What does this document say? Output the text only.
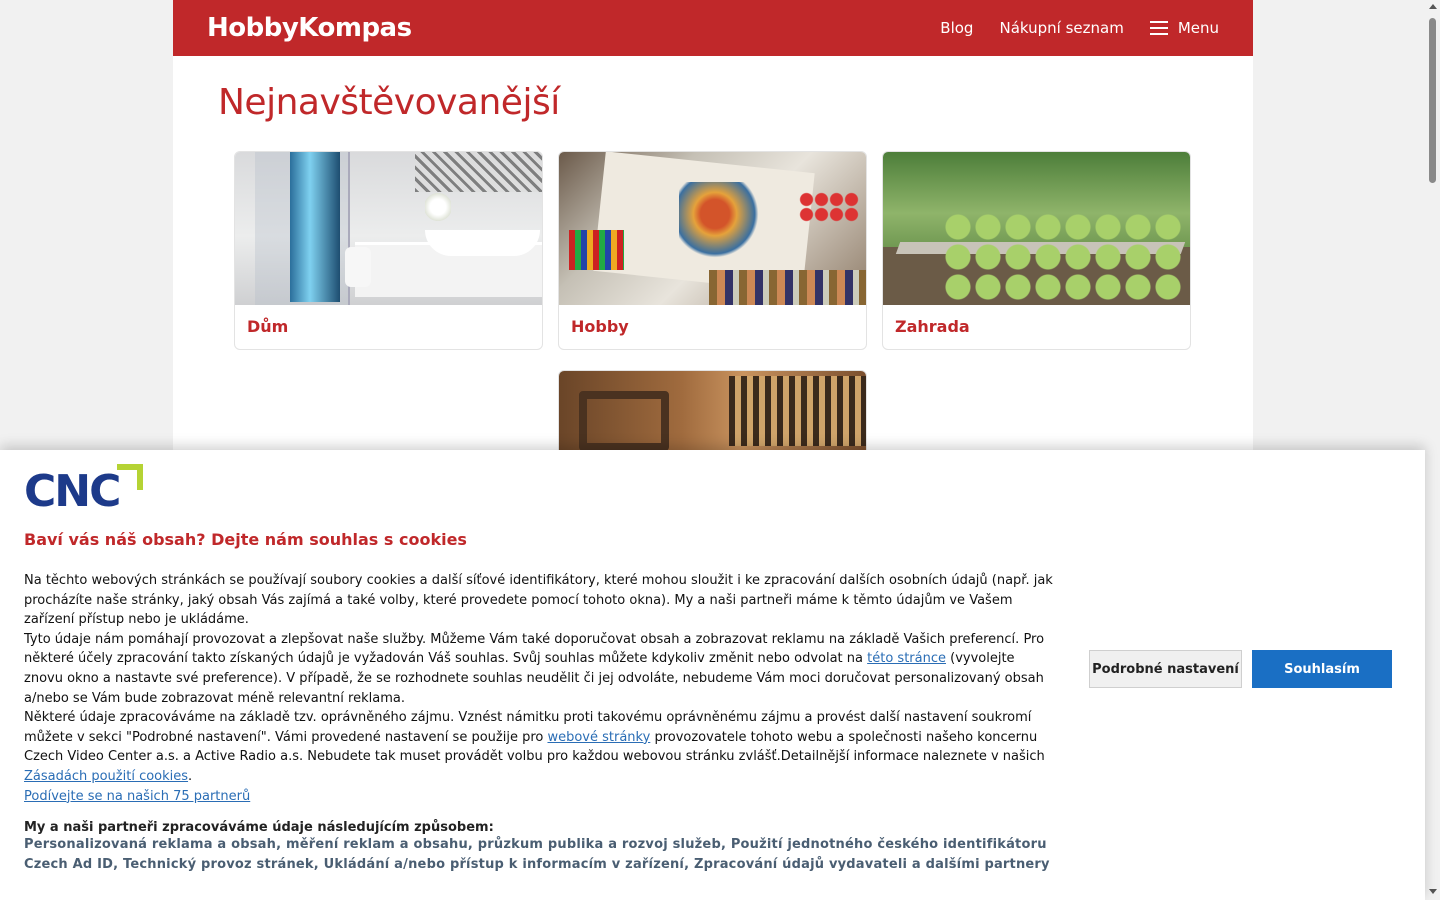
HobbyKompas	Blog Nákupní seznam	Menu
Nejnavštěvovanější
Dům	Hobby	Zahrada
CNC
Baví vás náš obsah? Dejte nám souhlas s cookies

Na těchto webových stránkách se používají soubory cookies a další síťové identifikátory, které mohou sloužit i ke zpracování dalších osobních údajů (např. jak procházíte naše stránky, jaký obsah Vás zajímá a také volby, které provedete pomocí tohoto okna). My a naši partneři máme k těmto údajům ve Vašem zařízení přístup nebo je ukládáme.

Tyto údaje nám pomáhají provozovat a zlepšovat naše služby. Můžeme Vám také doporučovat obsah a zobrazovat reklamu na základě Vašich preferencí. Pro některé účely zpracování takto získaných údajů je vyžadován Váš souhlas. Svůj souhlas můžete kdykoliv změnit nebo odvolat na této stránce (vyvolejte znovu okno a nastavte své preference). V případě, že se rozhodnete souhlas neudělit či jej odvoláte, nebudeme Vám moci doručovat personalizovaný obsah a/nebo se Vám bude zobrazovat méně relevantní reklama.

Některé údaje zpracováváme na základě tzv. oprávněného zájmu. Vznést námitku proti takovému oprávněnému zájmu a provést další nastavení soukromí můžete v sekci "Podrobné nastavení". Vámi provedené nastavení se použije pro webové stránky provozovatele tohoto webu a společnosti našeho koncernu Czech Video Center a.s. a Active Radio a.s. Nebudete tak muset provádět volbu pro každou webovou stránku zvlášť.Detailnější informace naleznete v našich Zásadách použití cookies.

Podívejte se na našich 75 partnerů
My a naši partneři zpracováváme údaje následujícím způsobem:
Personalizovaná reklama a obsah, měření reklam a obsahu, průzkum publika a rozvoj služeb, Použití jednotného českého identifikátoru Czech Ad ID, Technický provoz stránek, Ukládání a/nebo přístup k informacím v zařízení, Zpracování údajů vydavateli a dalšími partnery
Podrobné nastavení	Souhlasím
